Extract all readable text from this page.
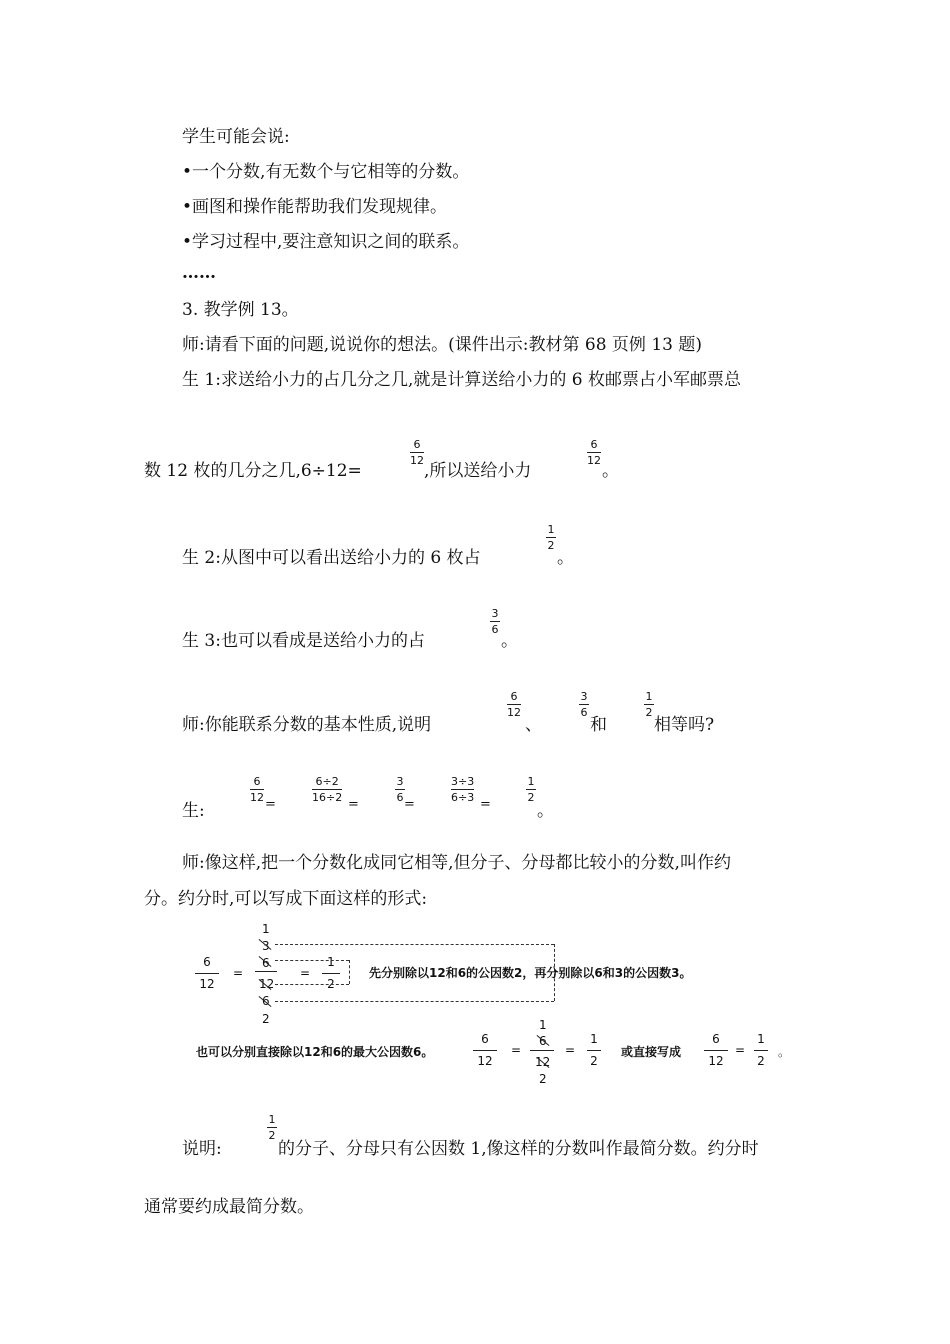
学生可能会说:
•一个分数,有无数个与它相等的分数。
•画图和操作能帮助我们发现规律。
•学习过程中,要注意知识之间的联系。
……
3. 教学例 13。
师:请看下面的问题,说说你的想法。(课件出示:教材第 68 页例 13 题)
生 1:求送给小力的占几分之几,就是计算送给小力的 6 枚邮票占小军邮票总
数 12 枚的几分之几,6÷12=
6
12
,所以送给小力
6
12
。
生 2:从图中可以看出送给小力的 6 枚占
1
2
。
生 3:也可以看成是送给小力的占
3
6
。
师:你能联系分数的基本性质,说明
6
12
、
3
6
和
1
2
相等吗?
生:
6
12 =
6÷2
16÷2 =
3
6 =
3÷3
6÷3 =
1
2
。
师:像这样,把一个分数化成同它相等,但分子、分母都比较小的分数,叫作约
分。约分时,可以写成下面这样的形式:
6
12
=
1
3
6
12
6
2
=
1
2
先分别除以12和6的公因数2，再分别除以6和3的公因数3。
也可以分别直接除以12和6的最大公因数6。
6
12
=
1
6
12
2
=
1
2
或直接写成
6
12
=
1
2
。
说明:
1
2
的分子、分母只有公因数 1,像这样的分数叫作最简分数。约分时
通常要约成最简分数。
